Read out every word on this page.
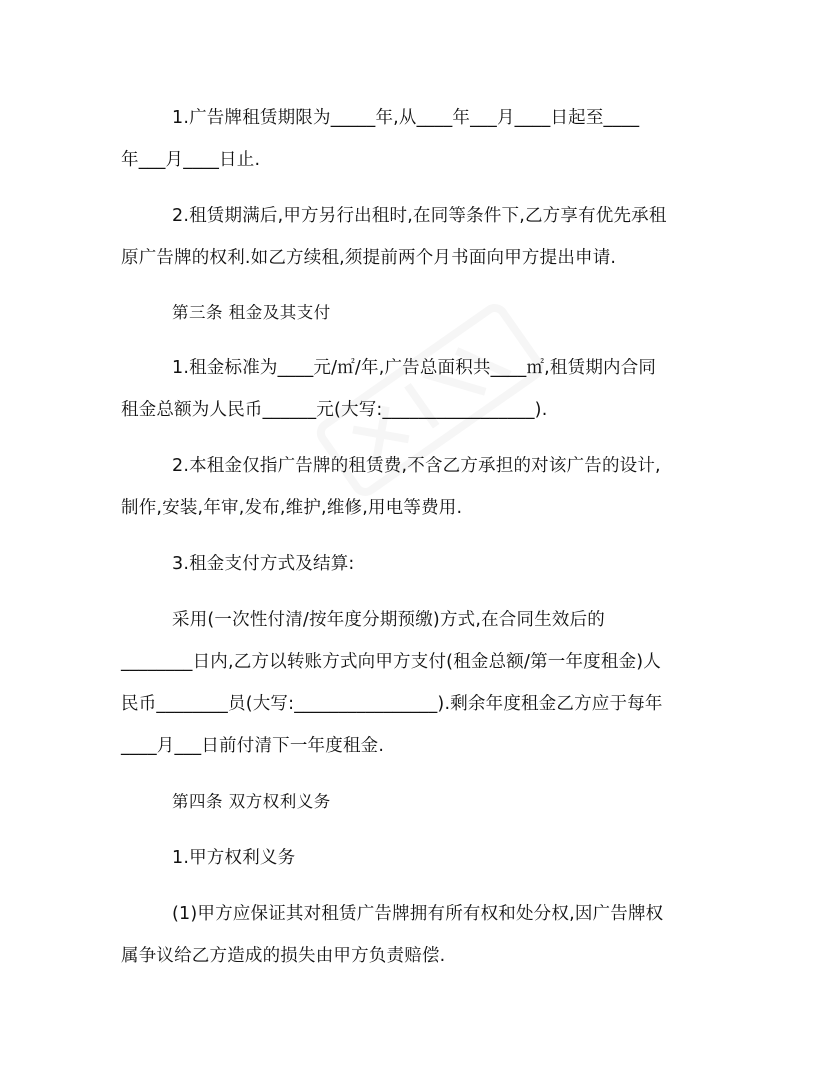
1.广告牌租赁期限为_____年,从____年___月____日起至____
年___月____日止.
2.租赁期满后,甲方另行出租时,在同等条件下,乙方享有优先承租
原广告牌的权利.如乙方续租,须提前两个月书面向甲方提出申请.
第三条 租金及其支付
1.租金标准为____元/㎡/年,广告总面积共____㎡,租赁期内合同
租金总额为人民币______元(大写:_________________).
2.本租金仅指广告牌的租赁费,不含乙方承担的对该广告的设计,
制作,安装,年审,发布,维护,维修,用电等费用.
3.租金支付方式及结算:
采用(一次性付清/按年度分期预缴)方式,在合同生效后的
________日内,乙方以转账方式向甲方支付(租金总额/第一年度租金)人
民币________员(大写:________________).剩余年度租金乙方应于每年
____月___日前付清下一年度租金.
第四条 双方权利义务
1.甲方权利义务
(1)甲方应保证其对租赁广告牌拥有所有权和处分权,因广告牌权
属争议给乙方造成的损失由甲方负责赔偿.
